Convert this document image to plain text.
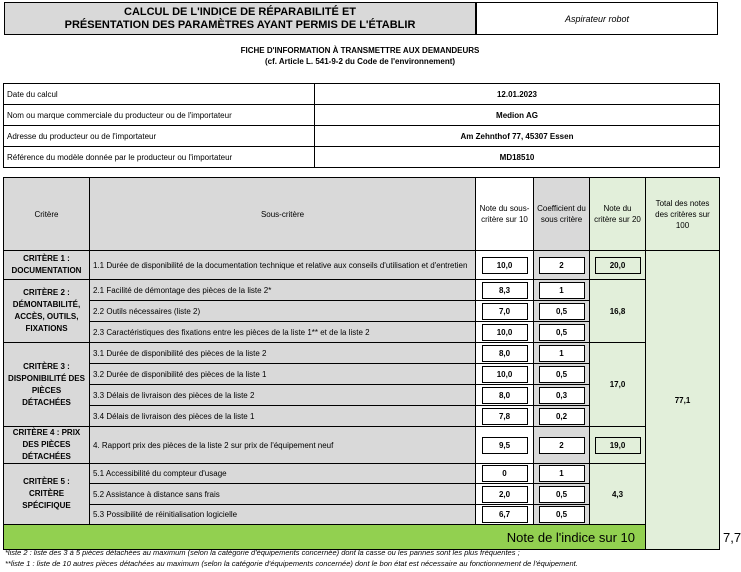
CALCUL DE L'INDICE DE RÉPARABILITÉ ET
PRÉSENTATION DES PARAMÈTRES AYANT PERMIS DE L'ÉTABLIR	Aspirateur robot
FICHE D'INFORMATION À TRANSMETTRE AUX DEMANDEURS
(cf. Article L. 541-9-2 du Code de l'environnement)
Date du calcul	12.01.2023
Nom ou marque commerciale du producteur ou de l'importateur	Medion AG
Adresse du producteur ou de l'importateur	Am Zehnthof 77, 45307 Essen
Référence du modèle donnée par le producteur ou l'importateur	MD18510
Critère	Sous-critère	Note du sous-critère sur 10	Coefficient du sous critère	Note du critère sur 20	Total des notes des critères sur 100	
CRITÈRE 1 : DOCUMENTATION	1.1 Durée de disponibilité de la documentation technique et relative aux conseils d'utilisation et d'entretien	10,0	2	20,0	77,1	
CRITÈRE 2 : DÉMONTABILITÉ, ACCÈS, OUTILS, FIXATIONS	2.1 Facilité de démontage des pièces de la liste 2*	8,3	1	16,8		
	2.2 Outils nécessaires (liste 2)	7,0	0,5			

	2.3 Caractéristiques des fixations entre les pièces de la liste 1** et de la liste 2	10,0	0,5			

CRITÈRE 3 : DISPONIBILITÉ DES PIÈCES DÉTACHÉES	3.1 Durée de disponibilité des pièces de la liste 2	8,0	1	17,0		
	3.2 Durée de disponibilité des pièces de la liste 1	10,0	0,5			

	3.3 Délais de livraison des pièces de la liste 2	8,0	0,3			

	3.4 Délais de livraison des pièces de la liste 1	7,8	0,2			

CRITÈRE 4 : PRIX DES PIÈCES DÉTACHÉES	4. Rapport prix des pièces de la liste 2 sur prix de l'équipement neuf	9,5	2	19,0		

CRITÈRE 5 : CRITÈRE SPÉCIFIQUE	5.1 Accessibilité du compteur d'usage	0	1	4,3		
	5.2 Assistance à distance sans frais	2,0	0,5			

	5.3 Possibilité de réinitialisation logicielle	6,7	0,5			

Note de l'indice sur 10						7,7
*liste 2 : liste des 3 à 5 pièces détachées au maximum (selon la catégorie d'équipements concernée) dont la casse ou les pannes sont les plus fréquentes ;
**liste 1 : liste de 10 autres pièces détachées au maximum (selon la catégorie d'équipements concernée) dont le bon état est nécessaire au fonctionnement de l'équipement.
